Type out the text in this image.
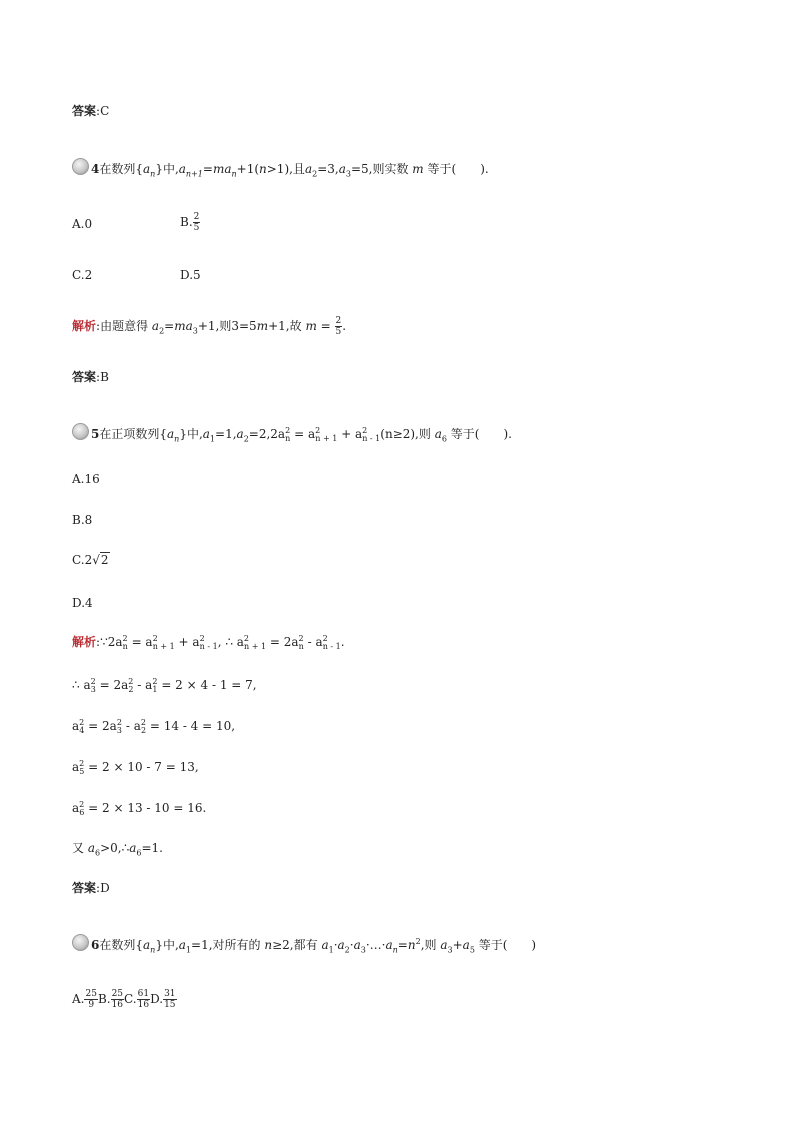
答案:C
4在数列$\{a_n\}$中$,a_{n+1}=ma_n+1(n>1)$,且$a_2=3,a_3=5$,则实数 m 等于(　　).
A.0	B. $\frac{2}{5}$
C.2	D.5
解析:由题意得 $a_2=ma_3+1$,则3=5m+1,故 $m = \frac{2}{5}$ .
答案:B
5在正项数列$\{a_n\}$中$,a_1=1,a_2=2,2a^2_n = a^2_{n + 1} + a^2_{n - 1}(n\ge 2)$,则 $a_6$ 等于(　　).
A.16
B.8
C.2√2
D.4
解析$:\because 2a^2_n = a^2_{n + 1} + a^2_{n - 1}$, ∴ $a^2_{n + 1} = 2a^2_n - a^2_{n - 1}$.
∴ $a^2_3 = 2a^2_2 - a^2_1 = 2 \times 4 - 1 = 7$,
$a^2_4 = 2a^2_3 - a^2_2 = 14 - 4 = 10$,
$a^2_5 = 2 \times 10 - 7 = 13$,
$a^2_6 = 2 \times 13 - 10 = 16$.
又 $a_6>0,\therefore a_6=1$.
答案:D
6在数列$\{a_n\}$中$,a_1=1$,对所有的 n≥2,都有 $a_1\cdot a_2\cdot a_3\cdot\dots\cdot a_n=n^2$,则 $a_3+a_5$ 等于(　　)
A. $\frac{25}{9} B$. $\frac{25}{16} C$. $\frac{61}{16} D$. $\frac{31}{15}$
